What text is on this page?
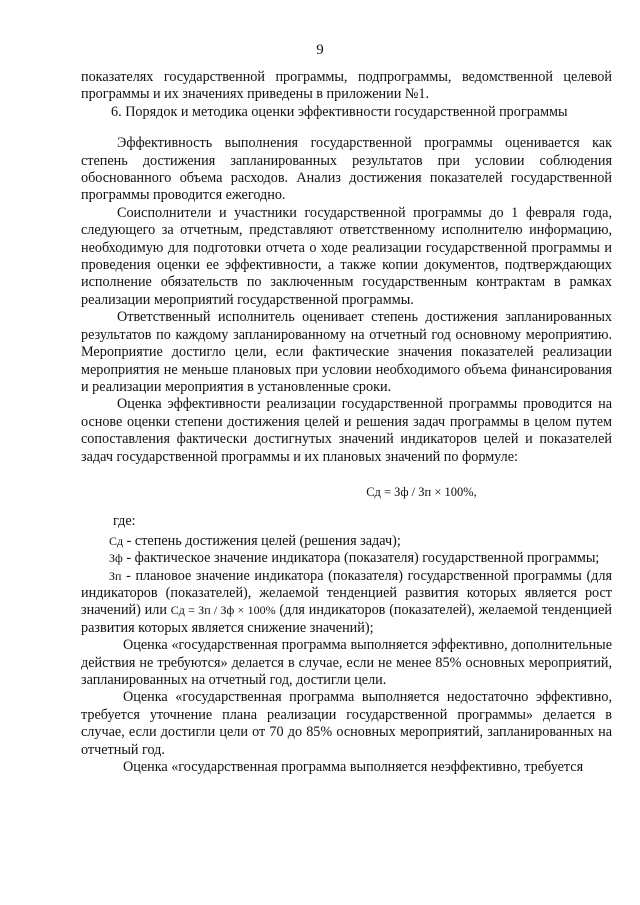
9

показателях государственной программы, подпрограммы, ведомственной целевой программы и их значениях приведены в приложении №1.

6. Порядок и методика оценки эффективности государственной программы

Эффективность выполнения государственной программы оценивается как степень достижения запланированных результатов при условии соблюдения обоснованного объема расходов. Анализ достижения показателей государственной программы проводится ежегодно.

Соисполнители и участники государственной программы до 1 февраля года, следующего за отчетным, представляют ответственному исполнителю информацию, необходимую для подготовки отчета о ходе реализации государственной программы и проведения оценки ее эффективности, а также копии документов, подтверждающих исполнение обязательств по заключенным государственным контрактам в рамках реализации мероприятий государственной программы.

Ответственный исполнитель оценивает степень достижения запланированных результатов по каждому запланированному на отчетный год основному мероприятию. Мероприятие достигло цели, если фактические значения показателей реализации мероприятия не меньше плановых при условии необходимого объема финансирования и реализации мероприятия в установленные сроки.

Оценка эффективности реализации государственной программы проводится на основе оценки степени достижения целей и решения задач программы в целом путем сопоставления фактически достигнутых значений индикаторов целей и показателей задач государственной программы и их плановых значений по формуле:

Сд = Зф / Зп × 100%,

где:

Сд - степень достижения целей (решения задач);

Зф - фактическое значение индикатора (показателя) государственной программы;

Зп - плановое значение индикатора (показателя) государственной программы (для индикаторов (показателей), желаемой тенденцией развития которых является рост значений) или Сд = Зп / Зф × 100% (для индикаторов (показателей), желаемой тенденцией развития которых является снижение значений);

Оценка «государственная программа выполняется эффективно, дополнительные действия не требуются» делается в случае, если не менее 85% основных мероприятий, запланированных на отчетный год, достигли цели.

Оценка «государственная программа выполняется недостаточно эффективно, требуется уточнение плана реализации государственной программы» делается в случае, если достигли цели от 70 до 85% основных мероприятий, запланированных на отчетный год.

Оценка «государственная программа выполняется неэффективно, требуется
